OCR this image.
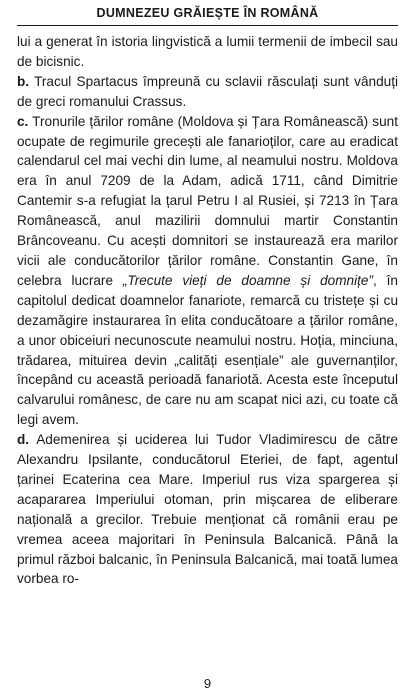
DUMNEZEU GRĂIEȘTE ÎN ROMÂNĂ

lui a generat în istoria lingvistică a lumii termenii de imbecil sau de bicisnic.

b. Tracul Spartacus împreună cu sclavii răsculați sunt vânduți de greci romanului Crassus.

c. Tronurile țărilor române (Moldova și Țara Românească) sunt ocupate de regimurile grecești ale fanarioților, care au eradicat calendarul cel mai vechi din lume, al neamului nostru. Moldova era în anul 7209 de la Adam, adică 1711, când Dimitrie Cantemir s-a refugiat la țarul Petru I al Rusiei, și 7213 în Țara Românească, anul mazilirii domnului martir Constantin Brâncoveanu. Cu acești domnitori se instaurează era marilor vicii ale conducătorilor țărilor române. Constantin Gane, în celebra lucrare „Trecute vieți de doamne și domnițe”, în capitolul dedicat doamnelor fanariote, remarcă cu tristețe și cu dezamăgire instaurarea în elita conducătoare a țărilor române, a unor obiceiuri necunoscute neamului nostru. Hoția, minciuna, trădarea, mituirea devin „calități esențiale” ale guvernanților, începând cu această perioadă fanariotă. Acesta este începutul calvarului românesc, de care nu am scapat nici azi, cu toate că legi avem.

d. Ademenirea și uciderea lui Tudor Vladimirescu de către Alexandru Ipsilante, conducătorul Eteriei, de fapt, agentul țarinei Ecaterina cea Mare. Imperiul rus viza spargerea și acapararea Imperiului otoman, prin mișcarea de eliberare națională a grecilor. Trebuie menționat că românii erau pe vremea aceea majoritari în Peninsula Balcanică. Până la primul război balcanic, în Peninsula Balcanică, mai toată lumea vorbea ro-

9
